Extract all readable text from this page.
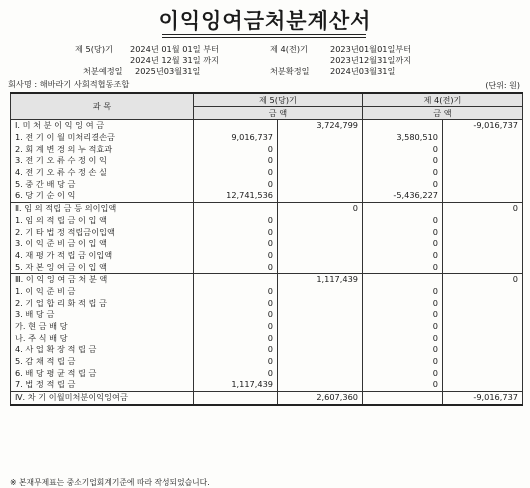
이익잉여금처분계산서
제 5(당)기 2024년 01월 01일 부터
2024년 12월 31일 까지
제 4(전)기	2023년01월01일부터
2023년12월31일까지
처분예정일 2025년03월31일	처분확정일 2024년03월31일
회사명 : 해바라기 사회적협동조합	(단위: 원)
과 목	제 5(당)기		제 4(전)기	
	금 액		금 액	
Ⅰ. 미 처 분 이 익 잉 여 금		3,724,799		-9,016,737
1. 전 기 이 월 미처리결손금	9,016,737		3,580,510	
2. 회 계 변 경 의 누 적효과	0		0	
3. 전 기 오 류 수 정 이 익	0		0	
4. 전 기 오 류 수 정 손 실	0		0	
5. 중 간 배 당 금	0		0	
6. 당 기 순 이 익	12,741,536		-5,436,227	
Ⅱ. 임 의 적립 금 등 의이입액		0		0
1. 임 의 적 립 금 이 입 액	0		0	
2. 기 타 법 정 적립금이입액	0		0	
3. 이 익 준 비 금 이 입 액	0		0	
4. 재 평 가 적 립 금 이입액	0		0	
5. 자 본 잉 여 금 이 입 액	0		0	
Ⅲ. 이 익 잉 여 금 처 분 액		1,117,439		0
1. 이 익 준 비 금	0		0	
2. 기 업 합 리 화 적 립 금	0		0	
3. 배 당 금	0		0	
가. 현 금 배 당	0		0	
나. 주 식 배 당	0		0	
4. 사 업 확 장 적 립 금	0		0	
5. 감 채 적 립 금	0		0	
6. 배 당 평 균 적 립 금	0		0	
7. 법 정 적 립 금	1,117,439		0	
Ⅳ. 차 기 이월미처분이익잉여금		2,607,360		-9,016,737
※ 본재무제표는 중소기업회계기준에 따라 작성되었습니다.
